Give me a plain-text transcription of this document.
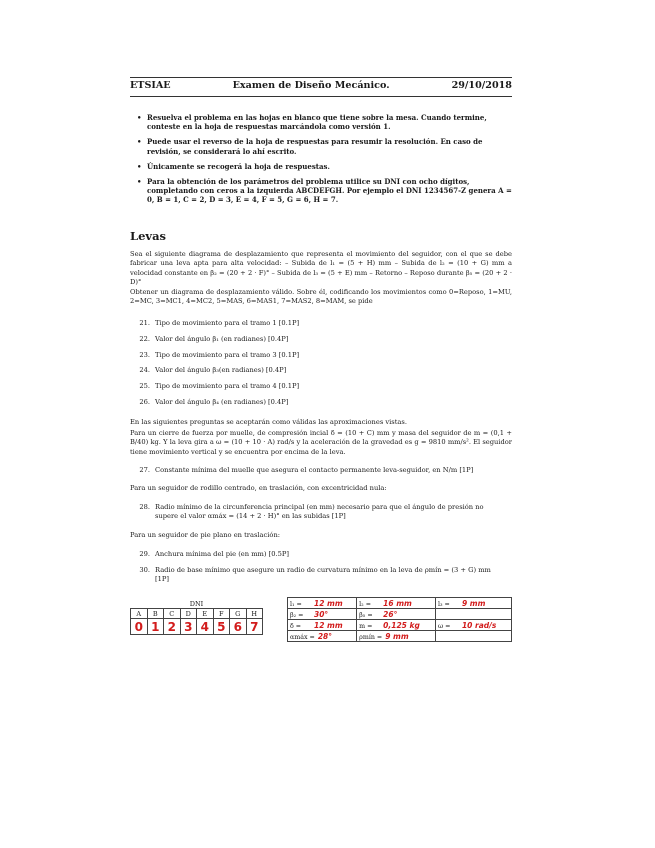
ETSIAE	Examen de Diseño Mecánico.	29/10/2018
• Resuelva el problema en las hojas en blanco que tiene sobre la mesa. Cuando termine, conteste en la hoja de respuestas marcándola como versión 1.
• Puede usar el reverso de la hoja de respuestas para resumir la resolución. En caso de revisión, se considerará lo ahí escrito.
• Únicamente se recogerá la hoja de respuestas.
• Para la obtención de los parámetros del problema utilice su DNI con ocho dígitos, completando con ceros a la izquierda ABCDEFGH. Por ejemplo el DNI 1234567-Z genera A = 0, B = 1, C = 2, D = 3, E = 4, F = 5, G = 6, H = 7.
Levas
Sea el siguiente diagrama de desplazamiento que representa el movimiento del seguidor, con el que se debe fabricar una leva apta para alta velocidad: – Subida de l₁ = (5 + H) mm – Subida de l₂ = (10 + G) mm a velocidad constante en β₂ = (20 + 2 · F)° – Subida de l₃ = (5 + E) mm – Retorno – Reposo durante β₅ = (20 + 2 · D)°
Obtener un diagrama de desplazamiento válido. Sobre él, codificando los movimientos como 0=Reposo, 1=MU, 2=MC, 3=MC1, 4=MC2, 5=MAS, 6=MAS1, 7=MAS2, 8=MAM, se pide
21. Tipo de movimiento para el tramo 1 [0.1P]
22. Valor del ángulo β₁ (en radianes) [0.4P]
23. Tipo de movimiento para el tramo 3 [0.1P]
24. Valor del ángulo β₃(en radianes) [0.4P]
25. Tipo de movimiento para el tramo 4 [0.1P]
26. Valor del ángulo β₄ (en radianes) [0.4P]
En las siguientes preguntas se aceptarán como válidas las aproximaciones vistas.
Para un cierre de fuerza por muelle, de compresión incial δ = (10 + C) mm y masa del seguidor de m = (0,1 + B/40) kg. Y la leva gira a ω = (10 + 10 · A) rad/s y la aceleración de la gravedad es g = 9810 mm/s². El seguidor tiene movimiento vertical y se encuentra por encima de la leva.
27. Constante mínima del muelle que asegura el contacto permanente leva-seguidor, en N/m [1P]
Para un seguidor de rodillo centrado, en traslación, con excentricidad nula:
28. Radio mínimo de la circunferencia principal (en mm) necesario para que el ángulo de presión no supere el valor αmáx = (14 + 2 · H)° en las subidas [1P]
Para un seguidor de pie plano en traslación:
29. Anchura mínima del pie (en mm) [0.5P]
30. Radio de base mínimo que asegure un radio de curvatura mínimo en la leva de ρmín = (3 + G) mm [1P]
DNI							
A	B	C	D	E	F	G	H
0	1	2	3	4	5	6	7
l₁ = 12 mm	l₂ = 16 mm	l₃ = 9 mm
β₂ = 30°	β₅ = 26°	
δ = 12 mm	m = 0,125 kg	ω = 10 rad/s
αmáx = 28°	ρmín = 9 mm	
